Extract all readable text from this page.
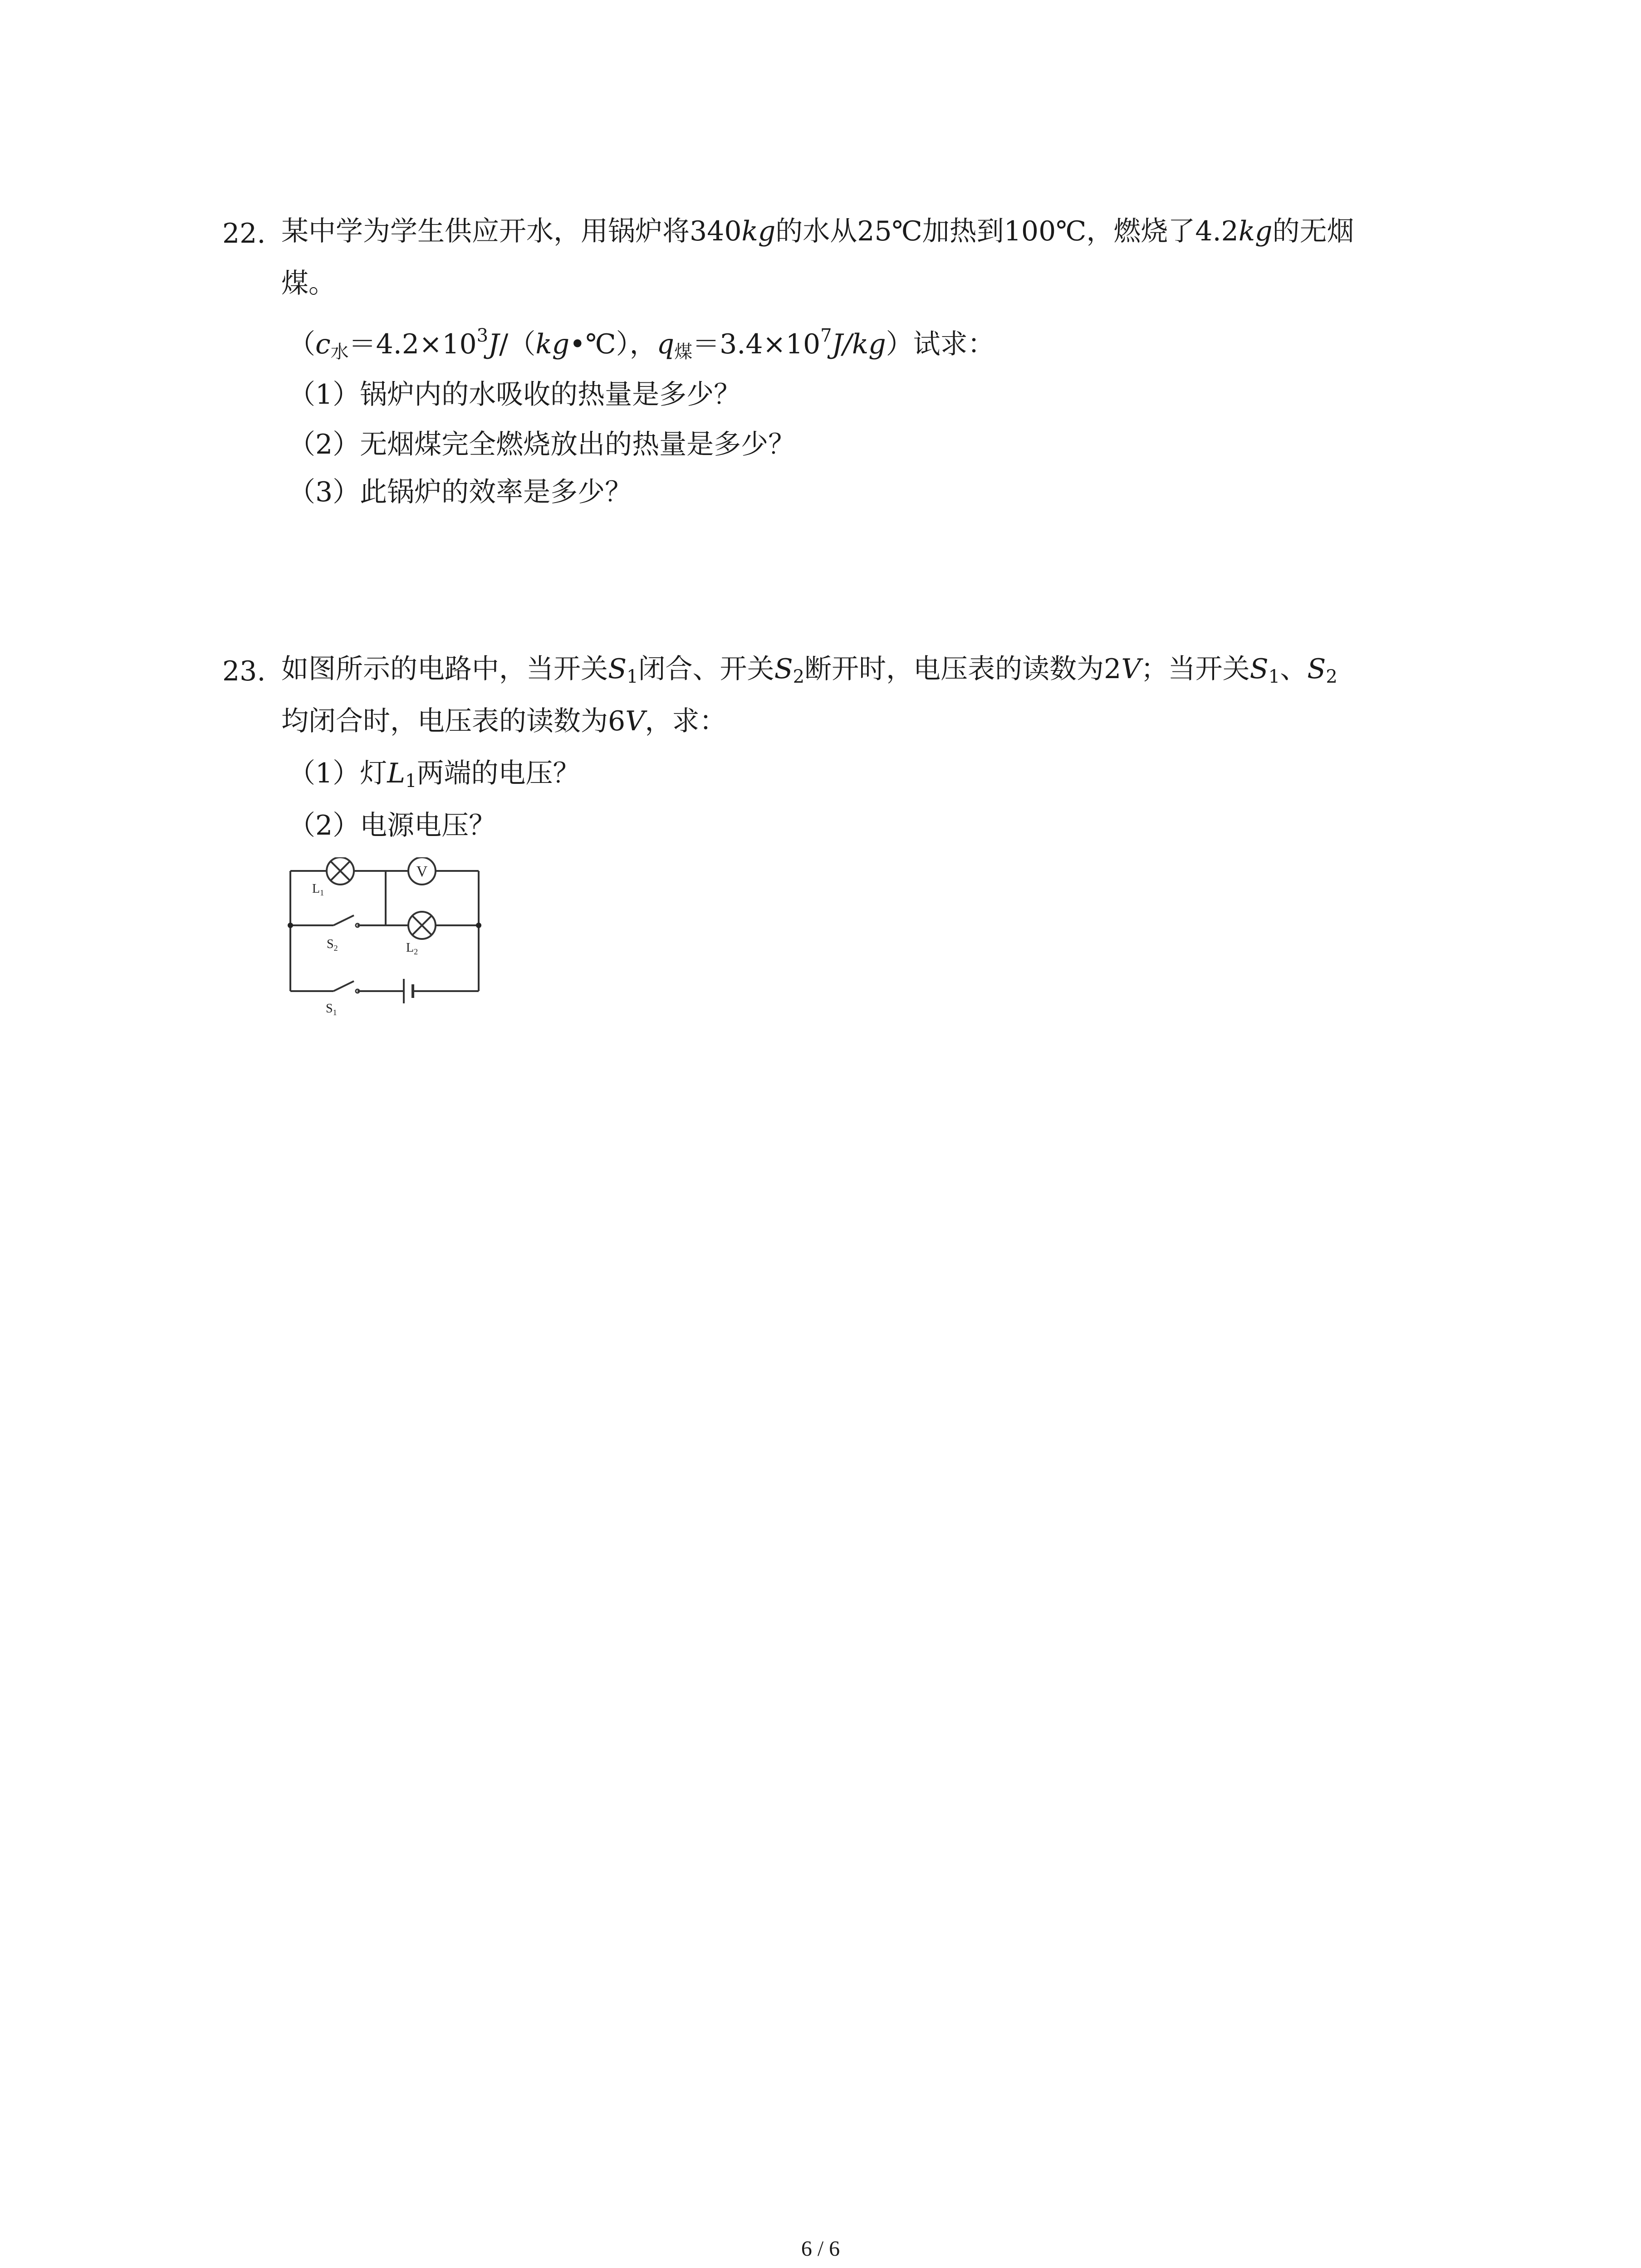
22. 某中学为学生供应开水，用锅炉将340kg的水从25℃加热到100℃，燃烧了4.2kg的无烟
煤。
（$c_水=4.2\times 10^3J/(kg•℃)$，$q_煤=3.4\times 10^7J/kg$）试求：
（1）锅炉内的水吸收的热量是多少？
（2）无烟煤完全燃烧放出的热量是多少？
（3）此锅炉的效率是多少？
23. 如图所示的电路中，当开关$S_1$闭合、开关$S_2$断开时，电压表的读数为2V；当开关$S_1$、$S_2$
均闭合时，电压表的读数为6V，求：
（1）灯$L_1$两端的电压？
（2）电源电压？
V
$L_1$
$S_2$	$L_2$
$S_1$
6 / 6
